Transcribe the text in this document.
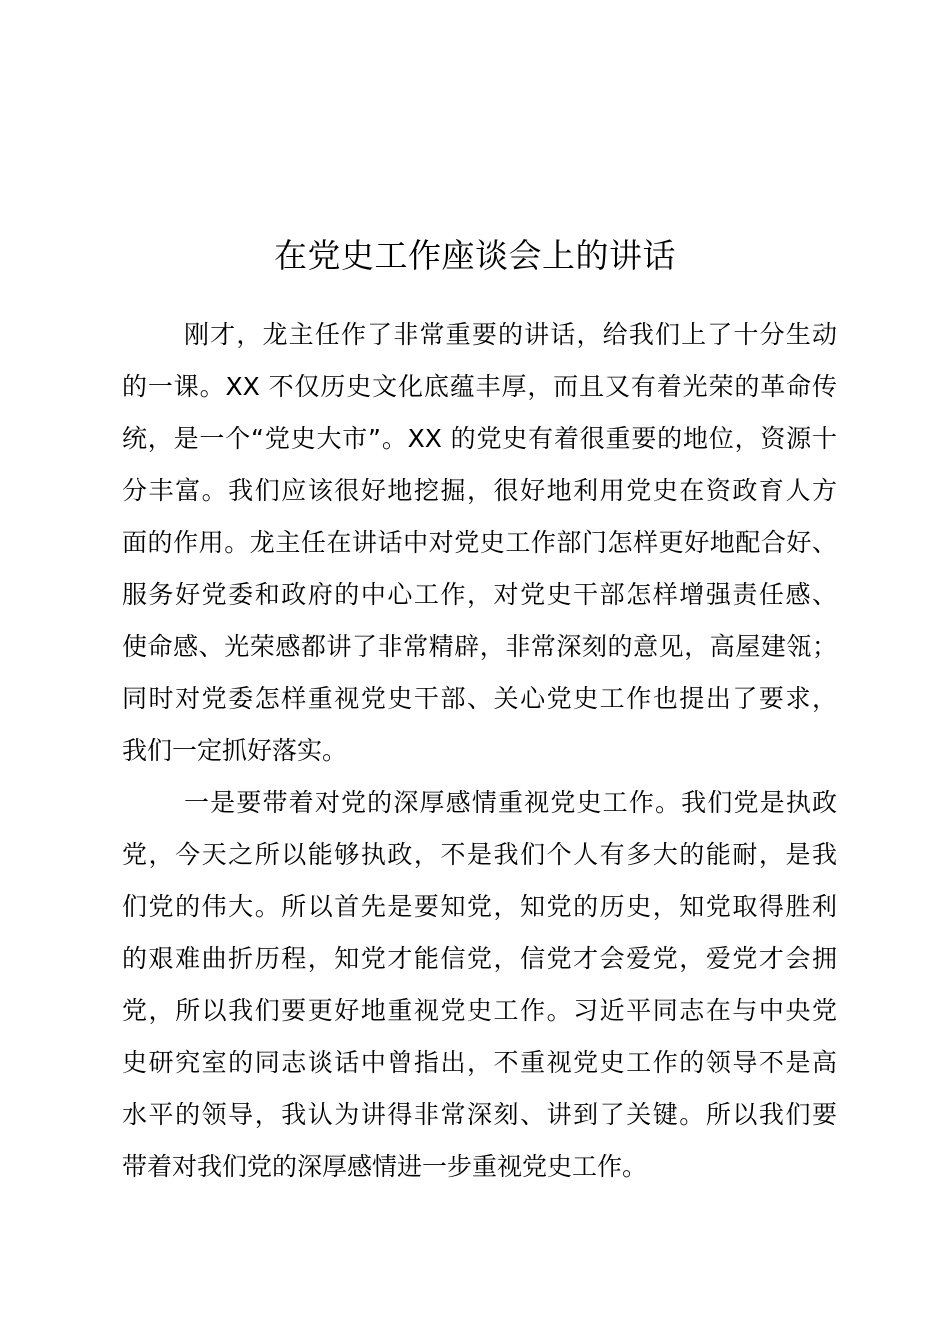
在党史工作座谈会上的讲话
刚才，龙主任作了非常重要的讲话，给我们上了十分生动
的一课。XX 不仅历史文化底蕴丰厚，而且又有着光荣的革命传
统，是一个“党史大市”。XX 的党史有着很重要的地位，资源十
分丰富。我们应该很好地挖掘，很好地利用党史在资政育人方
面的作用。龙主任在讲话中对党史工作部门怎样更好地配合好、
服务好党委和政府的中心工作，对党史干部怎样增强责任感、
使命感、光荣感都讲了非常精辟，非常深刻的意见，高屋建瓴；
同时对党委怎样重视党史干部、关心党史工作也提出了要求，
我们一定抓好落实。
一是要带着对党的深厚感情重视党史工作。我们党是执政
党，今天之所以能够执政，不是我们个人有多大的能耐，是我
们党的伟大。所以首先是要知党，知党的历史，知党取得胜利
的艰难曲折历程，知党才能信党，信党才会爱党，爱党才会拥
党，所以我们要更好地重视党史工作。习近平同志在与中央党
史研究室的同志谈话中曾指出，不重视党史工作的领导不是高
水平的领导，我认为讲得非常深刻、讲到了关键。所以我们要
带着对我们党的深厚感情进一步重视党史工作。
